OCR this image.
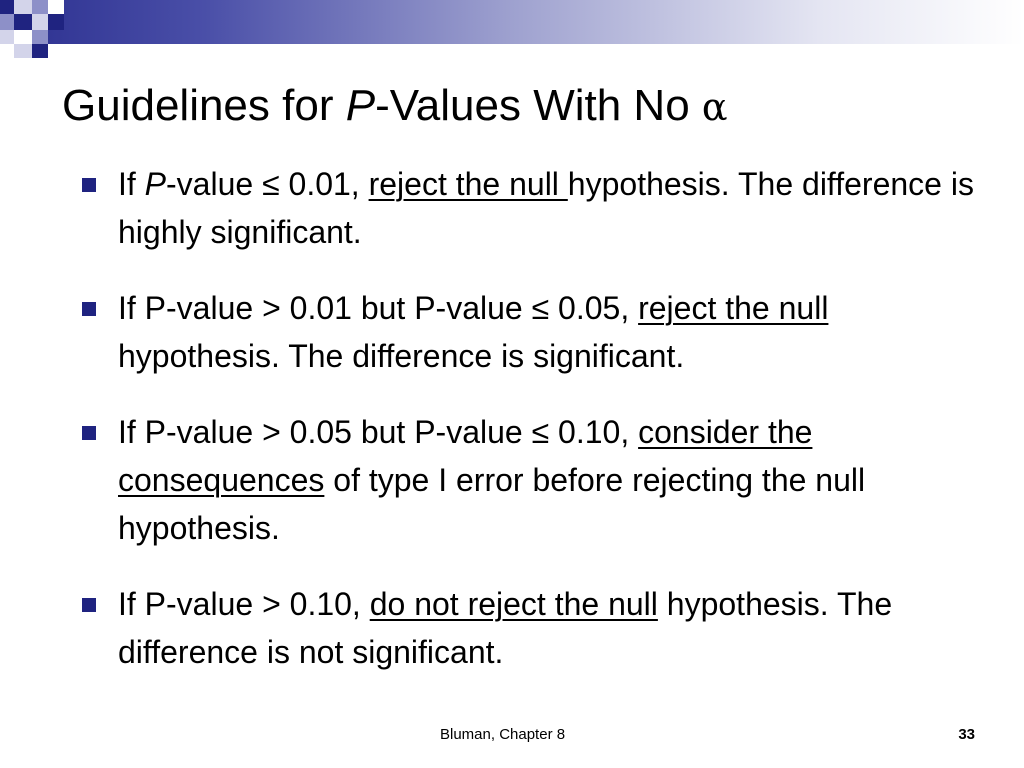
Guidelines for P-Values With No α
If P-value ≤ 0.01, reject the null hypothesis. The difference is highly significant.
If P-value > 0.01 but P-value ≤ 0.05, reject the null hypothesis. The difference is significant.
If P-value > 0.05 but P-value ≤ 0.10, consider the consequences of type I error before rejecting the null hypothesis.
If P-value > 0.10, do not reject the null hypothesis. The difference is not significant.
Bluman, Chapter 8	33
